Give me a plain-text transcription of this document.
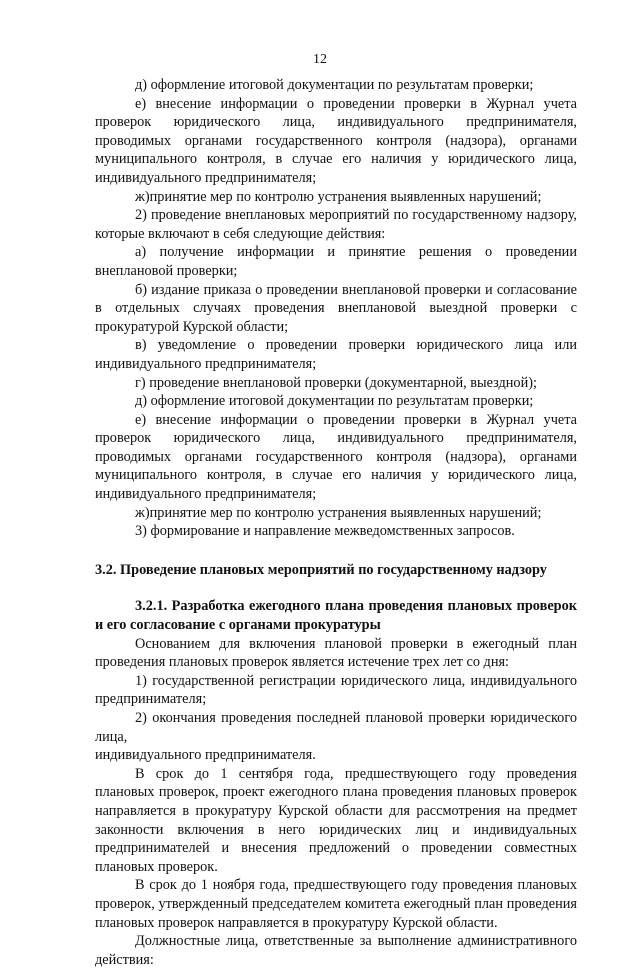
12

д) оформление итоговой документации по результатам проверки;

е) внесение информации о проведении проверки в Журнал учета проверок юридического лица, индивидуального предпринимателя, проводимых органами государственного контроля (надзора), органами муниципального контроля, в случае его наличия у юридического лица, индивидуального предпринимателя;

ж)принятие мер по контролю устранения выявленных нарушений;

2) проведение внеплановых мероприятий по государственному надзору, которые включают в себя следующие действия:

а) получение информации и принятие решения о проведении внеплановой проверки;

б) издание приказа о проведении внеплановой проверки и согласование в отдельных случаях проведения внеплановой выездной проверки с прокуратурой Курской области;

в) уведомление о проведении проверки юридического лица или индивидуального предпринимателя;

г) проведение внеплановой проверки (документарной, выездной);

д) оформление итоговой документации по результатам проверки;

е) внесение информации о проведении проверки в Журнал учета проверок юридического лица, индивидуального предпринимателя, проводимых органами государственного контроля (надзора), органами муниципального контроля, в случае его наличия у юридического лица, индивидуального предпринимателя;

ж)принятие мер по контролю устранения выявленных нарушений;

3) формирование и направление межведомственных запросов.

3.2. Проведение плановых мероприятий по государственному надзору
3.2.1. Разработка ежегодного плана проведения плановых проверок и его согласование с органами прокуратуры

Основанием для включения плановой проверки в ежегодный план проведения плановых проверок является истечение трех лет со дня:

1) государственной регистрации юридического лица, индивидуального предпринимателя;

2) окончания проведения последней плановой проверки юридического лица,

индивидуального предпринимателя.

В срок до 1 сентября года, предшествующего году проведения плановых проверок, проект ежегодного плана проведения плановых проверок направляется в прокуратуру Курской области для рассмотрения на предмет законности включения в него юридических лиц и индивидуальных предпринимателей и внесения предложений о проведении совместных плановых проверок.

В срок до 1 ноября года, предшествующего году проведения плановых проверок, утвержденный председателем комитета ежегодный план проведения плановых проверок направляется в прокуратуру Курской области.

Должностные лица, ответственные за выполнение административного действия:
